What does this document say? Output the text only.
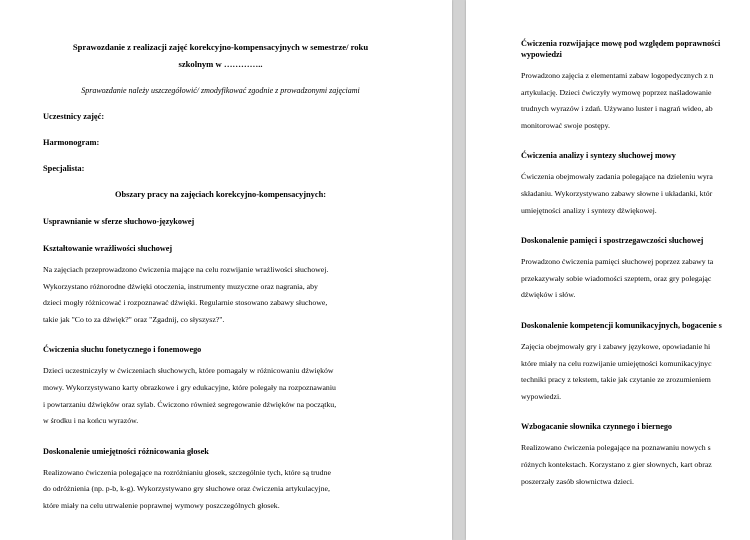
Sprawozdanie z realizacji zajęć korekcyjno-kompensacyjnych w semestrze/ roku
szkolnym w …………..

Sprawozdanie należy uszczegółowić/ zmodyfikować zgodnie z prowadzonymi zajęciami

Uczestnicy zajęć:

Harmonogram:

Specjalista:

Obszary pracy na zajęciach korekcyjno-kompensacyjnych:

Usprawnianie w sferze słuchowo-językowej

Kształtowanie wrażliwości słuchowej

Na zajęciach przeprowadzono ćwiczenia mające na celu rozwijanie wrażliwości słuchowej.
Wykorzystano różnorodne dźwięki otoczenia, instrumenty muzyczne oraz nagrania, aby
dzieci mogły różnicować i rozpoznawać dźwięki. Regularnie stosowano zabawy słuchowe,
takie jak "Co to za dźwięk?" oraz "Zgadnij, co słyszysz?".

Ćwiczenia słuchu fonetycznego i fonemowego

Dzieci uczestniczyły w ćwiczeniach słuchowych, które pomagały w różnicowaniu dźwięków
mowy. Wykorzystywano karty obrazkowe i gry edukacyjne, które polegały na rozpoznawaniu
i powtarzaniu dźwięków oraz sylab. Ćwiczono również segregowanie dźwięków na początku,
w środku i na końcu wyrazów.

Doskonalenie umiejętności różnicowania głosek

Realizowano ćwiczenia polegające na rozróżnianiu głosek, szczególnie tych, które są trudne
do odróżnienia (np. p-b, k-g). Wykorzystywano gry słuchowe oraz ćwiczenia artykulacyjne,
które miały na celu utrwalenie poprawnej wymowy poszczególnych głosek.

Ćwiczenia rozwijające mowę pod względem poprawności
wypowiedzi

Prowadzono zajęcia z elementami zabaw logopedycznych z n
artykulację. Dzieci ćwiczyły wymowę poprzez naśladowanie
trudnych wyrazów i zdań. Używano luster i nagrań wideo, ab
monitorować swoje postępy.

Ćwiczenia analizy i syntezy słuchowej mowy

Ćwiczenia obejmowały zadania polegające na dzieleniu wyra
składaniu. Wykorzystywano zabawy słowne i układanki, któr
umiejętności analizy i syntezy dźwiękowej.

Doskonalenie pamięci i spostrzegawczości słuchowej

Prowadzono ćwiczenia pamięci słuchowej poprzez zabawy ta
przekazywały sobie wiadomości szeptem, oraz gry polegając
dźwięków i słów.

Doskonalenie kompetencji komunikacyjnych, bogacenie s

Zajęcia obejmowały gry i zabawy językowe, opowiadanie hi
które miały na celu rozwijanie umiejętności komunikacyjnyc
techniki pracy z tekstem, takie jak czytanie ze zrozumieniem
wypowiedzi.

Wzbogacanie słownika czynnego i biernego

Realizowano ćwiczenia polegające na poznawaniu nowych s
różnych kontekstach. Korzystano z gier słownych, kart obraz
poszerzały zasób słownictwa dzieci.
